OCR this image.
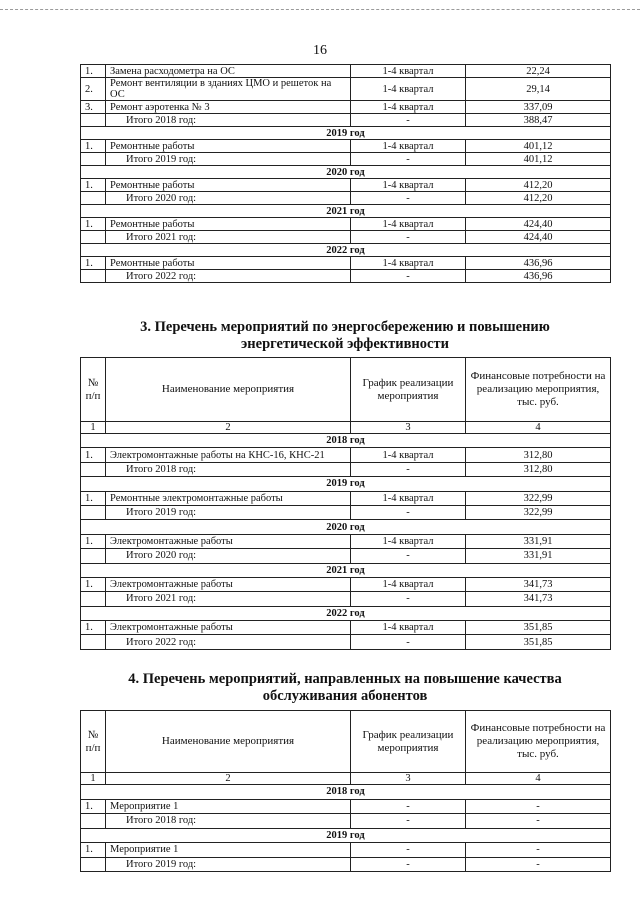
16
1.	Замена расходометра на ОС	1-4 квартал	22,24
2.	Ремонт вентиляции в зданиях ЦМО и решеток на ОС	1-4 квартал	29,14
3.	Ремонт аэротенка № 3	1-4 квартал	337,09
	Итого 2018 год:	-	388,47
2019 год			
1.	Ремонтные работы	1-4 квартал	401,12
	Итого 2019 год:	-	401,12
2020 год			
1.	Ремонтные работы	1-4 квартал	412,20
	Итого 2020 год:	-	412,20
2021 год			
1.	Ремонтные работы	1-4 квартал	424,40
	Итого 2021 год:	-	424,40
2022 год			
1.	Ремонтные работы	1-4 квартал	436,96
	Итого 2022 год:	-	436,96
3. Перечень мероприятий по энергосбережению и повышению
энергетической эффективности
№ п/п	Наименование мероприятия	График реализации мероприятия	Финансовые потребности на реализацию мероприятия, тыс. руб.
1	2	3	4
2018 год			
1.	Электромонтажные работы на КНС-16, КНС-21	1-4 квартал	312,80
	Итого 2018 год:	-	312,80
2019 год			
1.	Ремонтные электромонтажные работы	1-4 квартал	322,99
	Итого 2019 год:	-	322,99
2020 год			
1.	Электромонтажные работы	1-4 квартал	331,91
	Итого 2020 год:	-	331,91
2021 год			
1.	Электромонтажные работы	1-4 квартал	341,73
	Итого 2021 год:	-	341,73
2022 год			
1.	Электромонтажные работы	1-4 квартал	351,85
	Итого 2022 год:	-	351,85
4. Перечень мероприятий, направленных на повышение качества
обслуживания абонентов
№ п/п	Наименование мероприятия	График реализации мероприятия	Финансовые потребности на реализацию мероприятия, тыс. руб.
1	2	3	4
2018 год			
1.	Мероприятие 1	-	-
	Итого 2018 год:	-	-
2019 год			
1.	Мероприятие 1	-	-
	Итого 2019 год:	-	-
